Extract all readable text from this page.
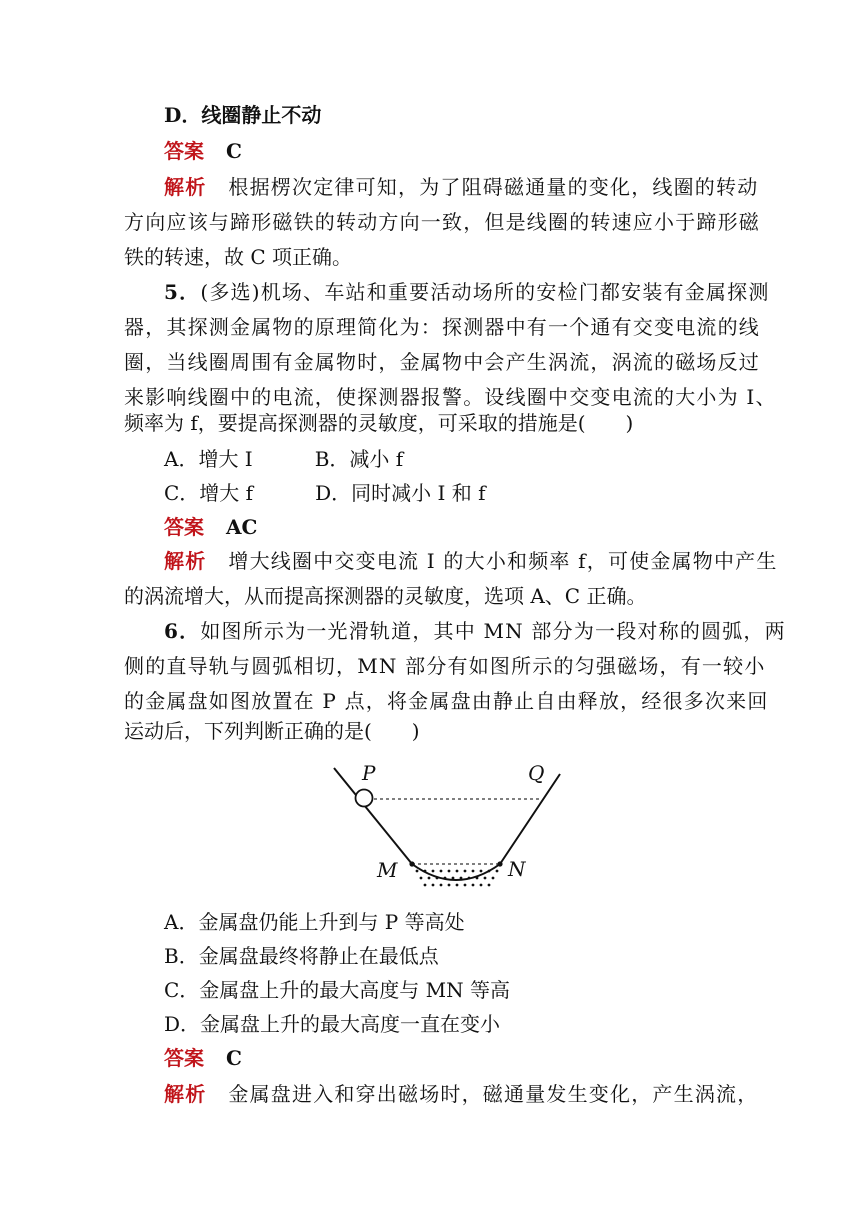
D．线圈静止不动
答案 C
解析 根据楞次定律可知，为了阻碍磁通量的变化，线圈的转动
方向应该与蹄形磁铁的转动方向一致，但是线圈的转速应小于蹄形磁
铁的转速，故 C 项正确。
5．(多选)机场、车站和重要活动场所的安检门都安装有金属探测
器，其探测金属物的原理简化为：探测器中有一个通有交变电流的线
圈，当线圈周围有金属物时，金属物中会产生涡流，涡流的磁场反过
来影响线圈中的电流，使探测器报警。设线圈中交变电流的大小为 I、
频率为 f，要提高探测器的灵敏度，可采取的措施是(　　)
A．增大 I	B．减小 f
C．增大 f	D．同时减小 I 和 f
答案 AC
解析 增大线圈中交变电流 I 的大小和频率 f，可使金属物中产生
的涡流增大，从而提高探测器的灵敏度，选项 A、C 正确。
6．如图所示为一光滑轨道，其中 MN 部分为一段对称的圆弧，两
侧的直导轨与圆弧相切，MN 部分有如图所示的匀强磁场，有一较小
的金属盘如图放置在 P 点，将金属盘由静止自由释放，经很多次来回
运动后，下列判断正确的是(　　)
P	Q
M	N
A．金属盘仍能上升到与 P 等高处
B．金属盘最终将静止在最低点
C．金属盘上升的最大高度与 MN 等高
D．金属盘上升的最大高度一直在变小
答案 C
解析 金属盘进入和穿出磁场时，磁通量发生变化，产生涡流，
